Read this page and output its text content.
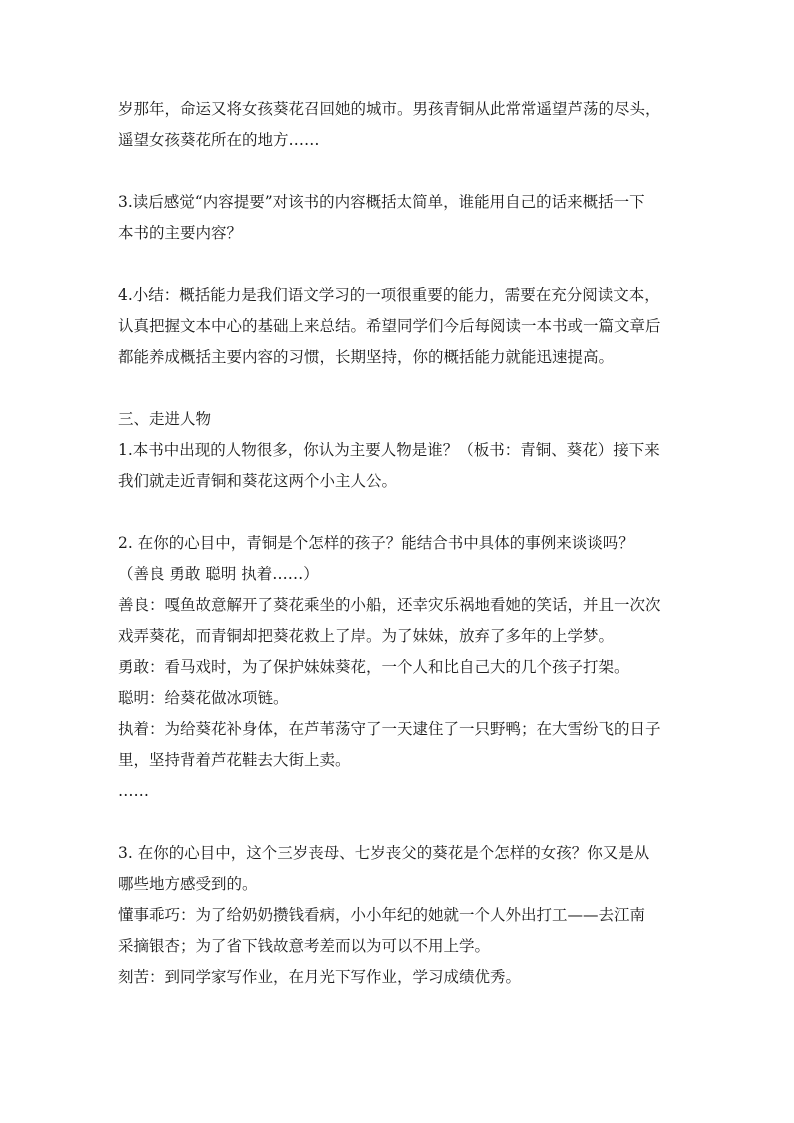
岁那年，命运又将女孩葵花召回她的城市。男孩青铜从此常常遥望芦荡的尽头，
遥望女孩葵花所在的地方……
3.读后感觉“内容提要”对该书的内容概括太简单，谁能用自己的话来概括一下
本书的主要内容？
4.小结：概括能力是我们语文学习的一项很重要的能力，需要在充分阅读文本，
认真把握文本中心的基础上来总结。希望同学们今后每阅读一本书或一篇文章后
都能养成概括主要内容的习惯，长期坚持，你的概括能力就能迅速提高。
三、走进人物
1.本书中出现的人物很多，你认为主要人物是谁？（板书：青铜、葵花）接下来
我们就走近青铜和葵花这两个小主人公。
2. 在你的心目中，青铜是个怎样的孩子？能结合书中具体的事例来谈谈吗？
（善良 勇敢 聪明 执着……）
善良：嘎鱼故意解开了葵花乘坐的小船，还幸灾乐祸地看她的笑话，并且一次次
戏弄葵花，而青铜却把葵花救上了岸。为了妹妹，放弃了多年的上学梦。
勇敢：看马戏时，为了保护妹妹葵花，一个人和比自己大的几个孩子打架。
聪明：给葵花做冰项链。
执着：为给葵花补身体，在芦苇荡守了一天逮住了一只野鸭；在大雪纷飞的日子
里，坚持背着芦花鞋去大街上卖。
……
3. 在你的心目中，这个三岁丧母、七岁丧父的葵花是个怎样的女孩？你又是从
哪些地方感受到的。
懂事乖巧：为了给奶奶攒钱看病，小小年纪的她就一个人外出打工——去江南
采摘银杏；为了省下钱故意考差而以为可以不用上学。
刻苦：到同学家写作业，在月光下写作业，学习成绩优秀。
